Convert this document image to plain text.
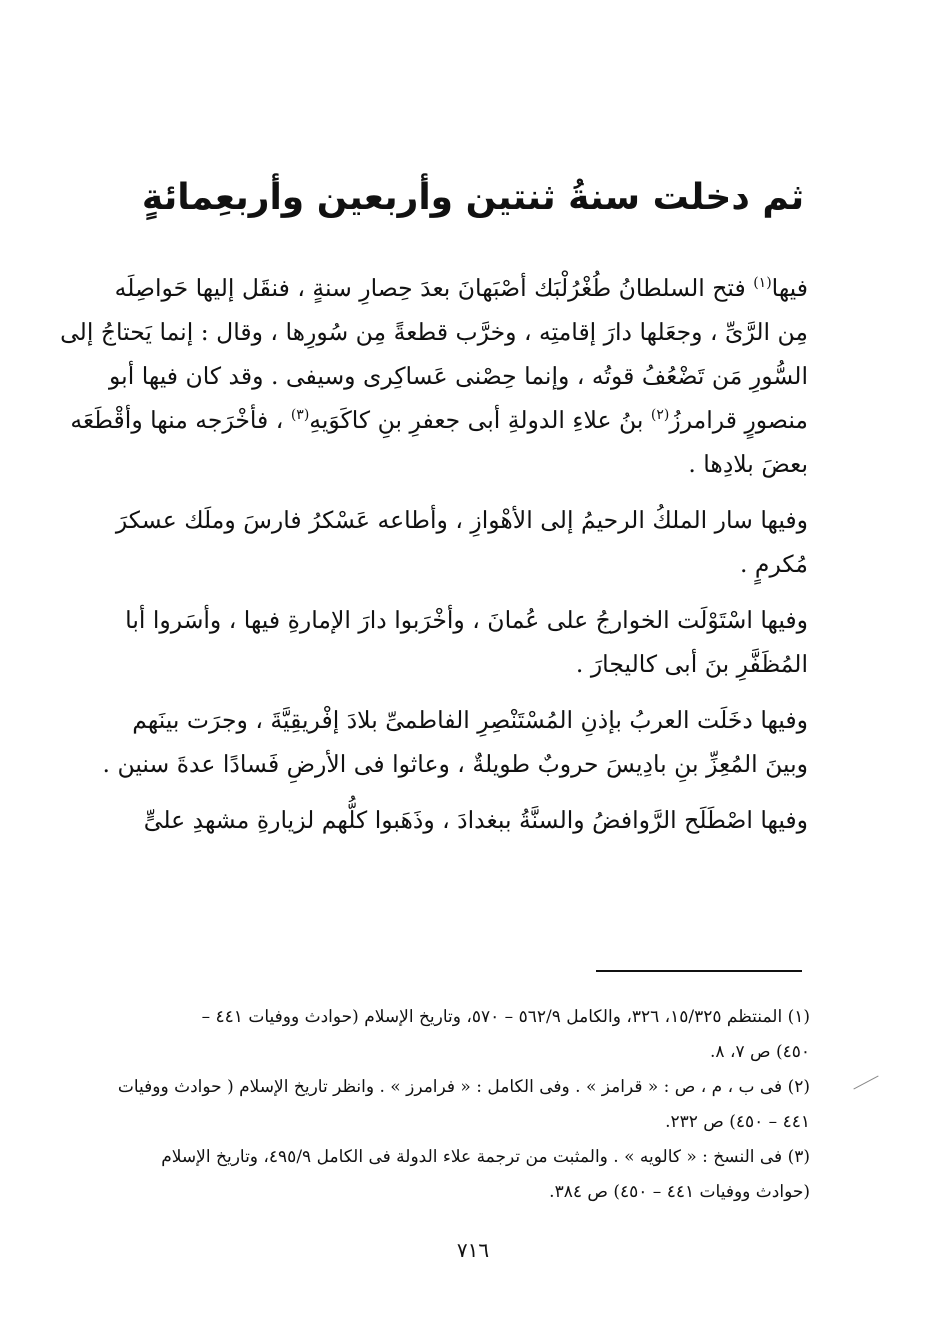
ثم دخلت سنةُ ثنتين وأربعين وأربعِمائةٍ

فيها$^{(١)}$ فتح السلطانُ طُغْرُلْبَك أصْبَهانَ بعدَ حِصارِ سنةٍ ، فنقَل إليها حَواصِلَه
مِن الرَّىِّ ، وجعَلها دارَ إقامتِه ، وخرَّب قطعةً مِن سُورِها ، وقال : إنما يَحتاجُ إلى
السُّورِ مَن تَضْعُفُ قوتُه ، وإنما حِصْنى عَساكِرى وسيفى . وقد كان فيها أبو
منصورٍ قرامرزُ$^{(٢)}$ بنُ علاءِ الدولةِ أبى جعفرِ بنِ كاكَوَيهِ$^{(٣)}$ ، فأخْرَجه منها وأقْطَعَه
بعضَ بلادِها .

وفيها سار الملكُ الرحيمُ إلى الأهْوازِ ، وأطاعه عَسْكرُ فارسَ وملَك عسكرَ
مُكرمٍ .

وفيها اسْتَوْلَت الخوارجُ على عُمانَ ، وأخْرَبوا دارَ الإمارةِ فيها ، وأسَروا أبا
المُظَفَّرِ بنَ أبى كاليجارَ .

وفيها دخَلَت العربُ بإذنِ المُسْتَنْصِرِ الفاطمىِّ بلادَ إفْريقِيَّةَ ، وجرَت بينَهم
وبينَ المُعِزِّ بنِ بادِيسَ حروبٌ طويلةٌ ، وعاثوا فى الأرضِ فَسادًا عدةَ سنين .

وفيها اصْطَلَح الرَّوافضُ والسنَّةُ ببغدادَ ، وذَهَبوا كلُّهم لزيارةِ مشهدِ علىٍّ

(١) المنتظم ١٥/٣٢٥، ٣٢٦، والكامل ٥٦٢/٩ – ٥٧٠، وتاريخ الإسلام (حوادث ووفيات ٤٤١ –
٤٥٠) ص ٧، ٨.

(٢) فى ب ، م ، ص : « قرامز » . وفى الكامل : « فرامرز » . وانظر تاريخ الإسلام ( حوادث ووفيات
٤٤١ – ٤٥٠) ص ٢٣٢.

(٣) فى النسخ : « كالويه » . والمثبت من ترجمة علاء الدولة فى الكامل ٤٩٥/٩، وتاريخ الإسلام
(حوادث ووفيات ٤٤١ – ٤٥٠) ص ٣٨٤.

٧١٦
